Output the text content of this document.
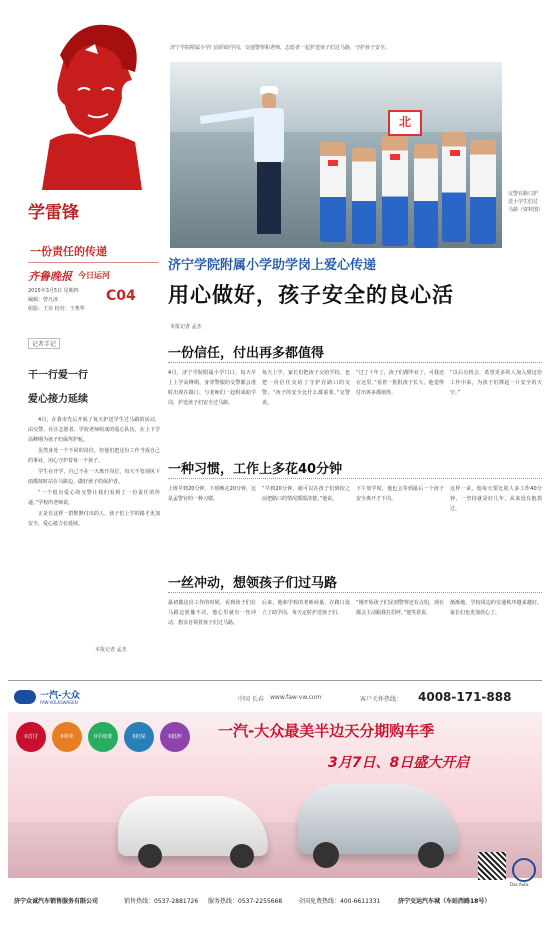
学雷锋
一份责任的传递
齐鲁晚报 今日运河
2015年3月5日 星期四
编辑：曾凡冰
组版：王菲 校对：王秀华
C04
记者手记
干一行爱一行
爱心接力延续

4月，在我市先后开展了每天护送学生过马路的活动，由交警、社区志愿者、学校老师组成的爱心队伍，在上下学高峰期为孩子们保驾护航。

虽然身处一个不同的岗位，但他们把这份工作当成自己的事业，用心守护着每一个孩子。

学生在开学，自己不在一天离开岗位，每天不管刮风下雨都按时站在马路边，做好孩子的保护者。

“一个很有爱心的交警让我们看到了一份责任的传递。”学校的老师说。

正是有这样一群默默付出的人，孩子们上学的路才更加安全，爱心接力在延续。

本报记者 孟杰
济宁学院附属小学门前的助学岗，交通警察和老师、志愿者一起护送孩子们过马路，守护孩子安全。
北
交警在路口护送小学生们过马路（资料图）
济宁学院附属小学助学岗上爱心传递
用心做好，孩子安全的良心活
本报记者 孟杰
一份信任，付出再多都值得
4月，济宁学院附属小学门口，每天早上上学高峰期，身穿警服的交警都会准时出现在路口，与老师们一起组成助学岗，护送孩子们安全过马路。
每天上学，家长们把孩子交给学校，也把一份信任交给了守护在路口的交警。“孩子的安全比什么都重要。”交警说。
“过了十年了，孩子们都毕业了，可我还在这里。”看着一批批孩子长大，他觉得付出再多都值得。
“以后有机会，希望更多的人加入到这份工作中来，为孩子们撑起一片安全的天空。”
一种习惯，工作上多花40分钟
上班早到20分钟，下班晚走20分钟，这是孟警官的一种习惯。
“早到20分钟，就可以在孩子们到校之前把路口的情况都摸清楚。”他说。
下午放学时，他也会等到最后一个孩子安全离开才下岗。
这样一来，他每天要比别人多工作40分钟，一坚持就是好几年，从来没有抱怨过。
一丝冲动，想领孩子们过马路
最初做这份工作的时候，看到孩子们在马路边犹豫不决，他心里就有一丝冲动，想亲自领着孩子们过马路。
后来，他和学校的老师商量，在路口设立了助学岗，每天定时护送孩子们。
“刚开始孩子们见到警察还有点怕，现在都会主动跟我打招呼。”他笑着说。
渐渐地，学校周边的交通秩序越来越好，家长们也更加放心了。
一汽-大众
FAW-VOLKSWAGEN	中国 长春 www.faw-vw.com	客户关怀热线： 4008-171-888
一汽-大众最美半边天分期购车季
3月7日、8日盛大开启
0首付	0利率	0手续费	0担保	0抵押
Das Auto.
济宁众诚汽车销售服务有限公司	销售热线：0537-2881726 服务热线：0537-2255668	全国免费热线：400-6611331	济宁交运汽车城（车站西路18号）
